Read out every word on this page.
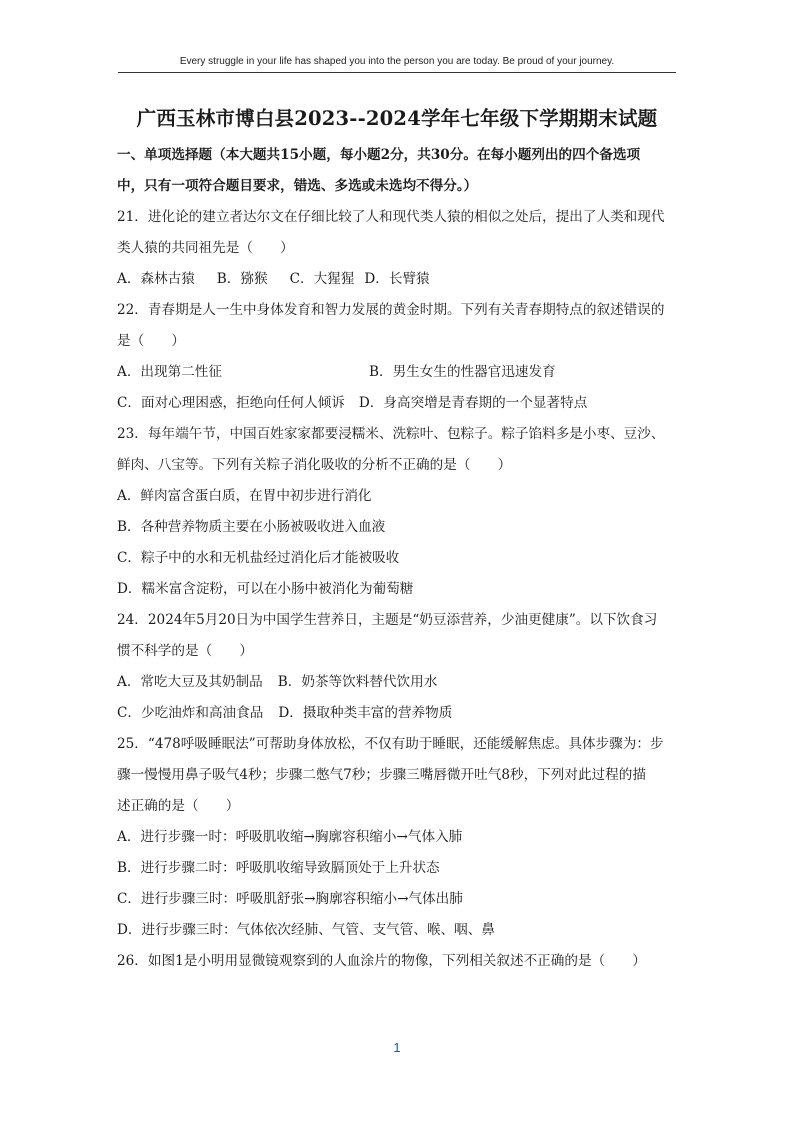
Every struggle in your life has shaped you into the person you are today. Be proud of your journey.
广西玉林市博白县2023--2024学年七年级下学期期末试题
一、单项选择题（本大题共15小题，每小题2分，共30分。在每小题列出的四个备选项
中，只有一项符合题目要求，错选、多选或未选均不得分。）
21．进化论的建立者达尔文在仔细比较了人和现代类人猿的相似之处后，提出了人类和现代
类人猿的共同祖先是（　　）
A．森林古猿 B．猕猴 C．大猩猩 D．长臂猿
22．青春期是人一生中身体发育和智力发展的黄金时期。下列有关青春期特点的叙述错误的
是（　　）
A．出现第二性征	B．男生女生的性器官迅速发育
C．面对心理困惑，拒绝向任何人倾诉 D．身高突增是青春期的一个显著特点
23．每年端午节，中国百姓家家都要浸糯米、洗粽叶、包粽子。粽子馅料多是小枣、豆沙、
鲜肉、八宝等。下列有关粽子消化吸收的分析不正确的是（　　）
A．鲜肉富含蛋白质，在胃中初步进行消化
B．各种营养物质主要在小肠被吸收进入血液
C．粽子中的水和无机盐经过消化后才能被吸收
D．糯米富含淀粉，可以在小肠中被消化为葡萄糖
24．2024年5月20日为中国学生营养日，主题是“奶豆添营养，少油更健康”。以下饮食习
惯不科学的是（　　）
A．常吃大豆及其奶制品 B．奶茶等饮料替代饮用水
C．少吃油炸和高油食品 D．摄取种类丰富的营养物质
25．“478呼吸睡眠法”可帮助身体放松，不仅有助于睡眠，还能缓解焦虑。具体步骤为：步
骤一慢慢用鼻子吸气4秒；步骤二憋气7秒；步骤三嘴唇微开吐气8秒，下列对此过程的描
述正确的是（　　）
A．进行步骤一时：呼吸肌收缩→胸廓容积缩小→气体入肺
B．进行步骤二时：呼吸肌收缩导致膈顶处于上升状态
C．进行步骤三时：呼吸肌舒张→胸廓容积缩小→气体出肺
D．进行步骤三时：气体依次经肺、气管、支气管、喉、咽、鼻
26．如图1是小明用显微镜观察到的人血涂片的物像，下列相关叙述不正确的是（　　）
1
